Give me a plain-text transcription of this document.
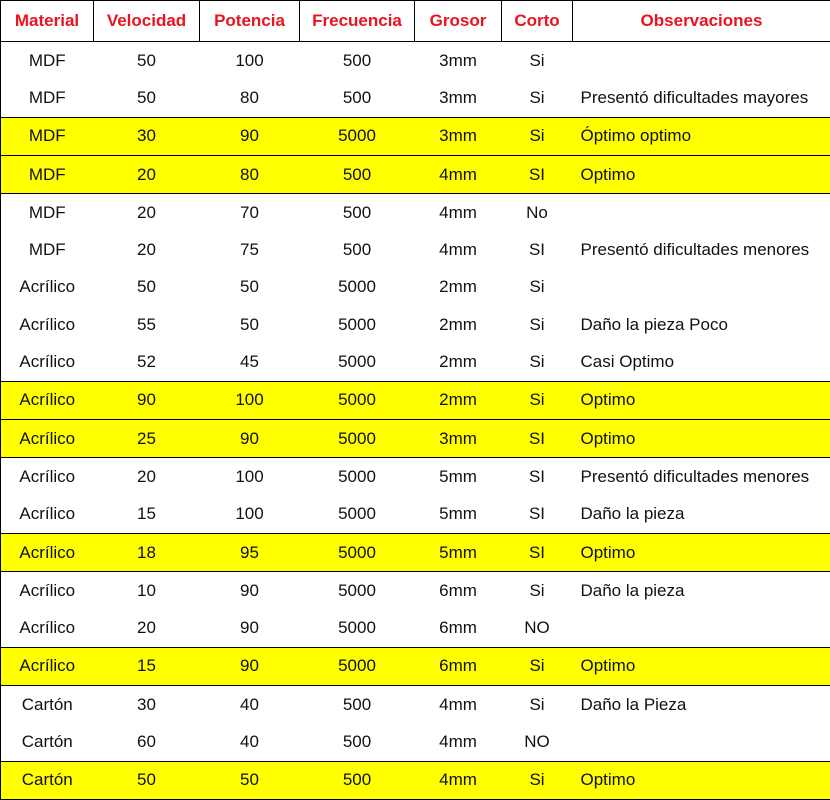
Material	Velocidad	Potencia	Frecuencia	Grosor	Corto	Observaciones
MDF	50	100	500	3mm	Si	
MDF	50	80	500	3mm	Si	Presentó dificultades mayores
MDF	30	90	5000	3mm	Si	Óptimo optimo
MDF	20	80	500	4mm	SI	Optimo
MDF	20	70	500	4mm	No	
MDF	20	75	500	4mm	SI	Presentó dificultades menores
Acrílico	50	50	5000	2mm	Si	
Acrílico	55	50	5000	2mm	Si	Daño la pieza Poco
Acrílico	52	45	5000	2mm	Si	Casi Optimo
Acrílico	90	100	5000	2mm	Si	Optimo
Acrílico	25	90	5000	3mm	SI	Optimo
Acrílico	20	100	5000	5mm	SI	Presentó dificultades menores
Acrílico	15	100	5000	5mm	SI	Daño la pieza
Acrílico	18	95	5000	5mm	SI	Optimo
Acrílico	10	90	5000	6mm	Si	Daño la pieza
Acrílico	20	90	5000	6mm	NO	
Acrílico	15	90	5000	6mm	Si	Optimo
Cartón	30	40	500	4mm	Si	Daño la Pieza
Cartón	60	40	500	4mm	NO	
Cartón	50	50	500	4mm	Si	Optimo
